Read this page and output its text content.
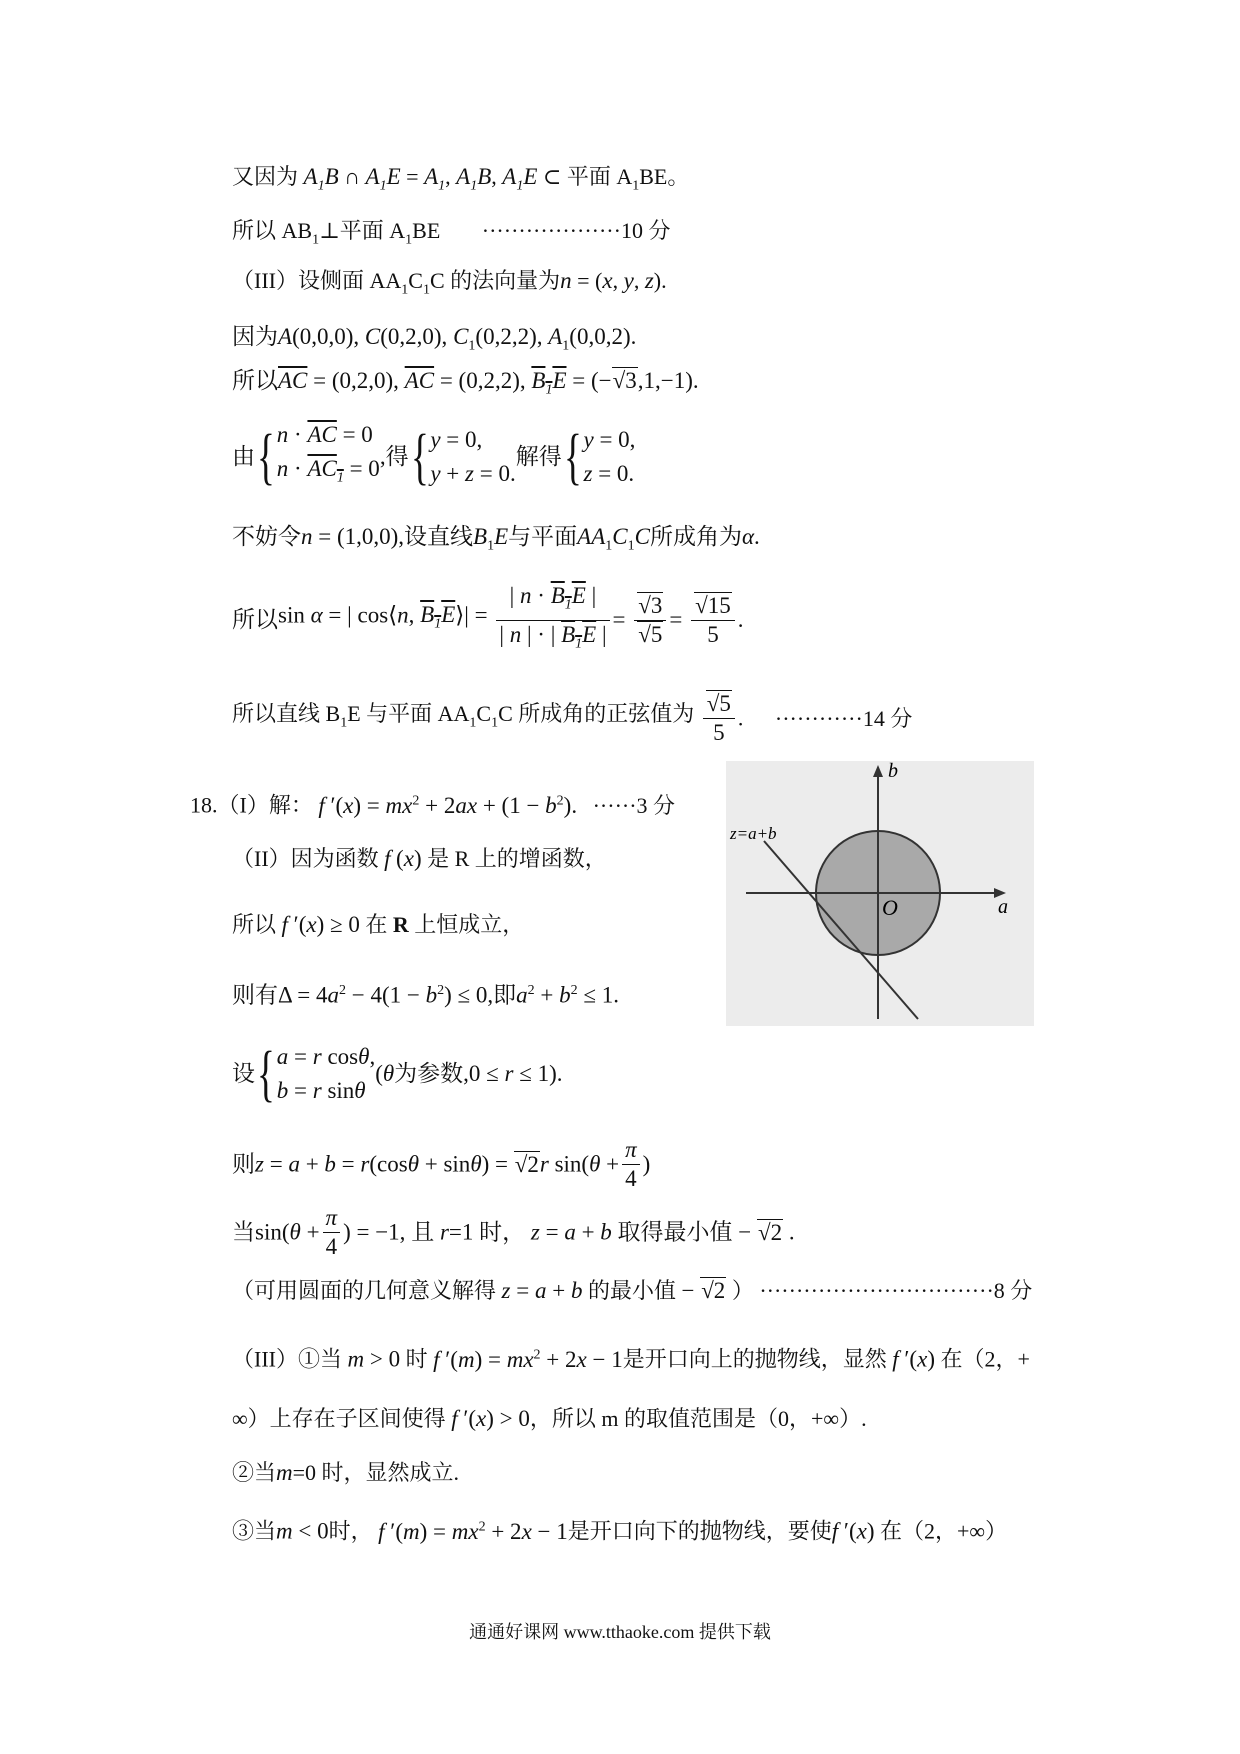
又因为 $A_1B$ ∩ $A_1E = A_1$, $A_1B$, $A_1E$ ⊂ 平面 $A_1BE$。
所以 $AB_1\perp$平面 $A_1BE \cdot\cdot\cdot\cdot\cdot\cdot\cdot\cdot\cdot\cdot\cdot\cdot\cdot\cdot\cdot\cdot\cdot\cdot\cdot 10$ 分
（III）设侧面 $AA_1C_1C$ 的法向量为n = (x, y, z).
因为A(0,0,0), C(0,2,0), $C_1(0,2,2)$, $A_1(0,0,2)$.
所以$\overline{AC} = (0,2,0)$, $\overline{AC} = (0,2,2)$, $B_1E = (-√3,1,-1)$.
由{$n \cdot \overline{AC} = 0$
$n \cdot AC_1 = 0$,得{y = 0,
y + z = 0.解得{y = 0,
z = 0.
不妨令n = (1,0,0),设直线$B_1E$与平面$AA_1C_1C$所成角为α.
所以sin α = | cos⟨n, $B_1E⟩| = \frac{| n \cdot B_1E |}{| n | \cdot | B_1E |} = \frac{√3}{√5} = \frac{√15}{5}$ .
所以直线 $B_1E$ 与平面 $AA_1C_1C$ 所成角的正弦值为 $\frac{√5}{5}$ . ············14 分
18.（I）解： f $'(x) = mx^2 + 2ax + (1 - b^2)$. ······3 分
（II）因为函数 f (x) 是 R 上的增函数，
所以 f ′(x) ≥ 0 在 R 上恒成立，
则有$\Delta = 4a^2 - 4(1 - b^2) \le 0$,即$a^2 + b^2 \le 1$.
设{a = r cosθ,
b = r sinθ(θ为参数,0 ≤ r ≤ 1).
则z = a + b = r(cosθ + sinθ) = √2r $\sin(\theta + \frac{\pi}{4}$ )
当$\sin(\theta + \frac{\pi}{4}$ ) = −1, 且 r=1 时， z = a + b 取得最小值 − √2 .
（可用圆面的几何意义解得 z = a + b 的最小值 − √2 ） ································8 分
（III）①当 m > 0 时 f $'(m) = mx^2 + 2x - 1$是开口向上的抛物线，显然 f ′(x) 在（2，+
∞）上存在子区间使得 f ′(x) > 0，所以 m 的取值范围是（0，+∞）.
②当m=0 时，显然成立.
③当m < 0时， f $'(m) = mx^2 + 2x - 1$是开口向下的抛物线，要使f ′(x) 在（2，+∞）
b
a
O
z=a+b
通通好课网 www.tthaoke.com 提供下载
